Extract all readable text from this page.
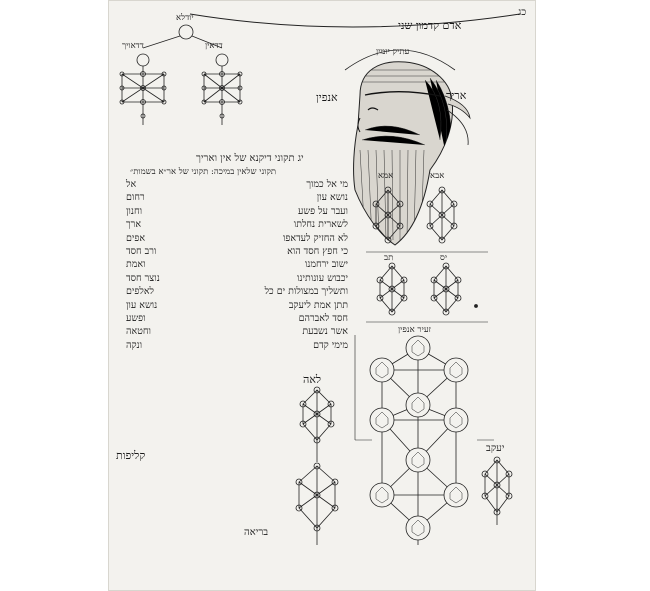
כג
אדם קדמון שני
עתיק יומין
אריך
אנפין
יודלא
דדאויך	דדאין
יג תקוני דיקנא של אין ואריך
תקוני שלאין במיכה: תקוני של אר״א בשמות״
מי אל כמוך
אל
נושא עון
רחום
ועבר על פשע
וחנון
לשארית נחלתו
ארך
לא החזיק לעדאפו
אפים
כי חפץ חסד הוא
ורב חסד
ישוב ירחמנו
ואמת
יכבוש עונותינו
נוצר חסד
ותשליך במצולות ים כל
לאלפים
תתן אמת ליעקב
נושא עון
חסד לאברהם
ופשע
אשר נשבעת
וחטאה
מימי קדם
ונקה
אבא
אמא
יס
תב
זעיר אנפין
לאה
יעקב
קליפות
בריאה
